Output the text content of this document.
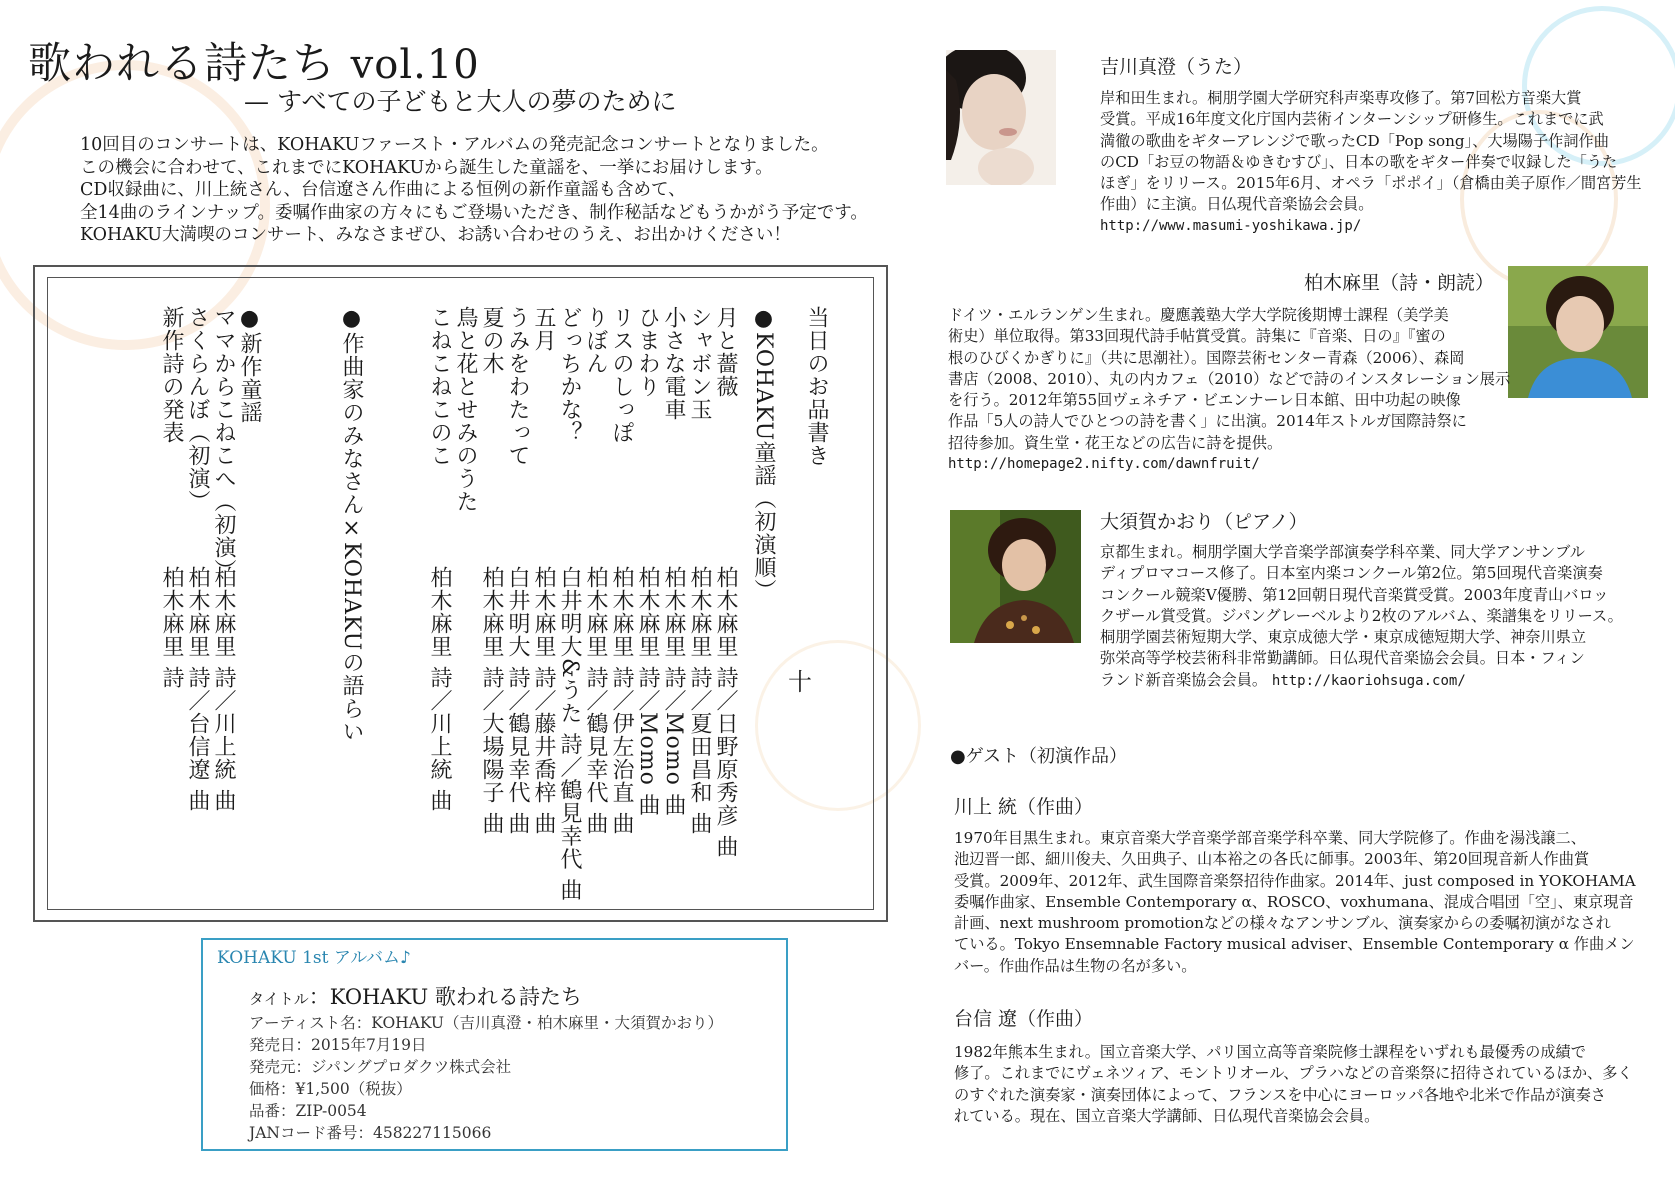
歌われる詩たち vol.10
— すべての子どもと大人の夢のために
10回目のコンサートは、KOHAKUファースト・アルバムの発売記念コンサートとなりました。
この機会に合わせて、これまでにKOHAKUから誕生した童謡を、一挙にお届けします。
CD収録曲に、川上統さん、台信遼さん作曲による恒例の新作童謡も含めて、
全14曲のラインナップ。委嘱作曲家の方々にもご登場いただき、制作秘話などもうかがう予定です。
KOHAKU大満喫のコンサート、みなさまぜひ、お誘い合わせのうえ、お出かけください！
当日のお品書き
●KOHAKU童謡（初演順）
月と薔薇
シャボン玉
小さな電車
ひまわり
リスのしっぽ
りぼん
どっちかな？
五月
うみをわたって
夏の木
鳥と花とせみのうた
こねこねこのこ
柏木麻里 詩／日野原秀彦 曲
柏木麻里 詩／夏田昌和 曲
柏木麻里 詩／Momo 曲
柏木麻里 詩／Momo 曲
柏木麻里 詩／伊左治直 曲
柏木麻里 詩／鶴見幸代 曲
白井明大&うた 詩／鶴見幸代 曲
柏木麻里 詩／藤井喬梓 曲
白井明大 詩／鶴見幸代 曲
柏木麻里 詩／大場陽子 曲
柏木麻里 詩／川上統 曲
●作曲家のみなさん×KOHAKUの語らい
●新作童謡
ママからこねこへ（初演）
さくらんぼ（初演）
新作詩の発表
柏木麻里 詩／川上統 曲
柏木麻里 詩／台信遼 曲
柏木麻里 詩	十
KOHAKU 1st アルバム♪
タイトル：KOHAKU 歌われる詩たち
アーティスト名：KOHAKU（吉川真澄・柏木麻里・大須賀かおり）
発売日：2015年7月19日
発売元：ジパングプロダクツ株式会社
価格：¥1,500（税抜）
品番：ZIP-0054
JANコード番号：458227115066
吉川真澄（うた）
岸和田生まれ。桐朋学園大学研究科声楽専攻修了。第7回松方音楽大賞
受賞。平成16年度文化庁国内芸術インターンシップ研修生。これまでに武
満徹の歌曲をギターアレンジで歌ったCD「Pop song」、大場陽子作詞作曲
のCD「お豆の物語＆ゆきむすび」、日本の歌をギター伴奏で収録した「うた
ほぎ」をリリース。2015年6月、オペラ「ポポイ」（倉橋由美子原作／間宮芳生
作曲）に主演。日仏現代音楽協会会員。
http://www.masumi-yoshikawa.jp/
柏木麻里（詩・朗読）
ドイツ・エルランゲン生まれ。慶應義塾大学大学院後期博士課程（美学美
術史）単位取得。第33回現代詩手帖賞受賞。詩集に『音楽、日の』『蜜の
根のひびくかぎりに』（共に思潮社）。国際芸術センター青森（2006）、森岡
書店（2008、2010）、丸の内カフェ（2010）などで詩のインスタレーション展示
を行う。2012年第55回ヴェネチア・ビエンナーレ日本館、田中功起の映像
作品「5人の詩人でひとつの詩を書く」に出演。2014年ストルガ国際詩祭に
招待参加。資生堂・花王などの広告に詩を提供。
http://homepage2.nifty.com/dawnfruit/
大須賀かおり（ピアノ）
京都生まれ。桐朋学園大学音楽学部演奏学科卒業、同大学アンサンブル
ディプロマコース修了。日本室内楽コンクール第2位。第5回現代音楽演奏
コンクール競楽V優勝、第12回朝日現代音楽賞受賞。2003年度青山バロッ
クザール賞受賞。ジパングレーベルより2枚のアルバム、楽譜集をリリース。
桐朋学園芸術短期大学、東京成徳大学・東京成徳短期大学、神奈川県立
弥栄高等学校芸術科非常勤講師。日仏現代音楽協会会員。日本・フィン
ランド新音楽協会会員。 http://kaoriohsuga.com/
●ゲスト（初演作品）
川上 統（作曲）
1970年目黒生まれ。東京音楽大学音楽学部音楽学科卒業、同大学院修了。作曲を湯浅譲二、
池辺晋一郎、細川俊夫、久田典子、山本裕之の各氏に師事。2003年、第20回現音新人作曲賞
受賞。2009年、2012年、武生国際音楽祭招待作曲家。2014年、just composed in YOKOHAMA
委嘱作曲家、Ensemble Contemporary α、ROSCO、voxhumana、混成合唱団「空」、東京現音
計画、next mushroom promotionなどの様々なアンサンブル、演奏家からの委嘱初演がなされ
ている。Tokyo Ensemnable Factory musical adviser、Ensemble Contemporary α 作曲メン
バー。作曲作品は生物の名が多い。
台信 遼（作曲）
1982年熊本生まれ。国立音楽大学、パリ国立高等音楽院修士課程をいずれも最優秀の成績で
修了。これまでにヴェネツィア、モントリオール、プラハなどの音楽祭に招待されているほか、多く
のすぐれた演奏家・演奏団体によって、フランスを中心にヨーロッパ各地や北米で作品が演奏さ
れている。現在、国立音楽大学講師、日仏現代音楽協会会員。
